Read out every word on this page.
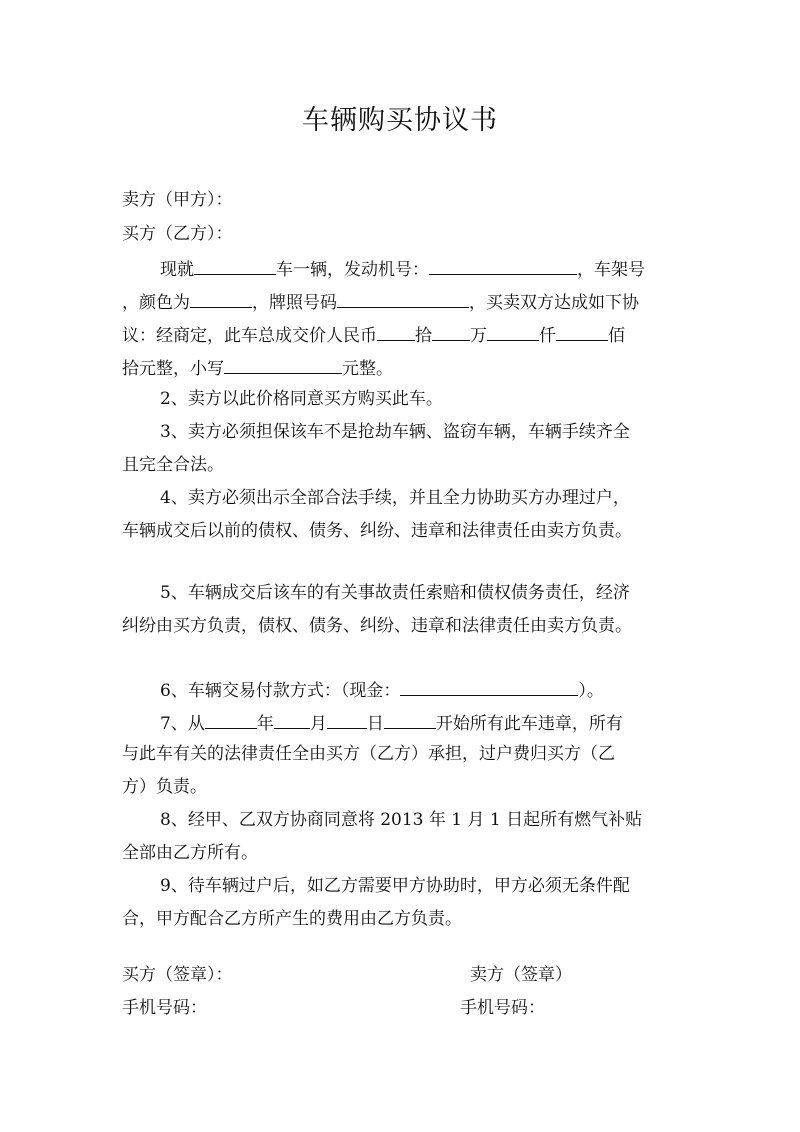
车辆购买协议书
卖方（甲方）：
买方（乙方）：
现就	车一辆，发动机号：	，车架号
，颜色为	，牌照号码	，买卖双方达成如下协
议：经商定，此车总成交价人民币 拾 万	仟	佰
拾元整，小写	元整。
2、卖方以此价格同意买方购买此车。
3、卖方必须担保该车不是抢劫车辆、盗窃车辆，车辆手续齐全
且完全合法。
4、卖方必须出示全部合法手续，并且全力协助买方办理过户，
车辆成交后以前的债权、债务、纠纷、违章和法律责任由卖方负责。
5、车辆成交后该车的有关事故责任索赔和债权债务责任，经济
纠纷由买方负责，债权、债务、纠纷、违章和法律责任由卖方负责。
6、车辆交易付款方式：（现金：	）。
7、从	年 月 日	开始所有此车违章，所有
与此车有关的法律责任全由买方（乙方）承担，过户费归买方（乙
方）负责。
8、经甲、乙双方协商同意将 2013 年 1 月 1 日起所有燃气补贴
全部由乙方所有。
9、待车辆过户后，如乙方需要甲方协助时，甲方必须无条件配
合，甲方配合乙方所产生的费用由乙方负责。
买方（签章）：	卖方（签章）
手机号码：	手机号码：
